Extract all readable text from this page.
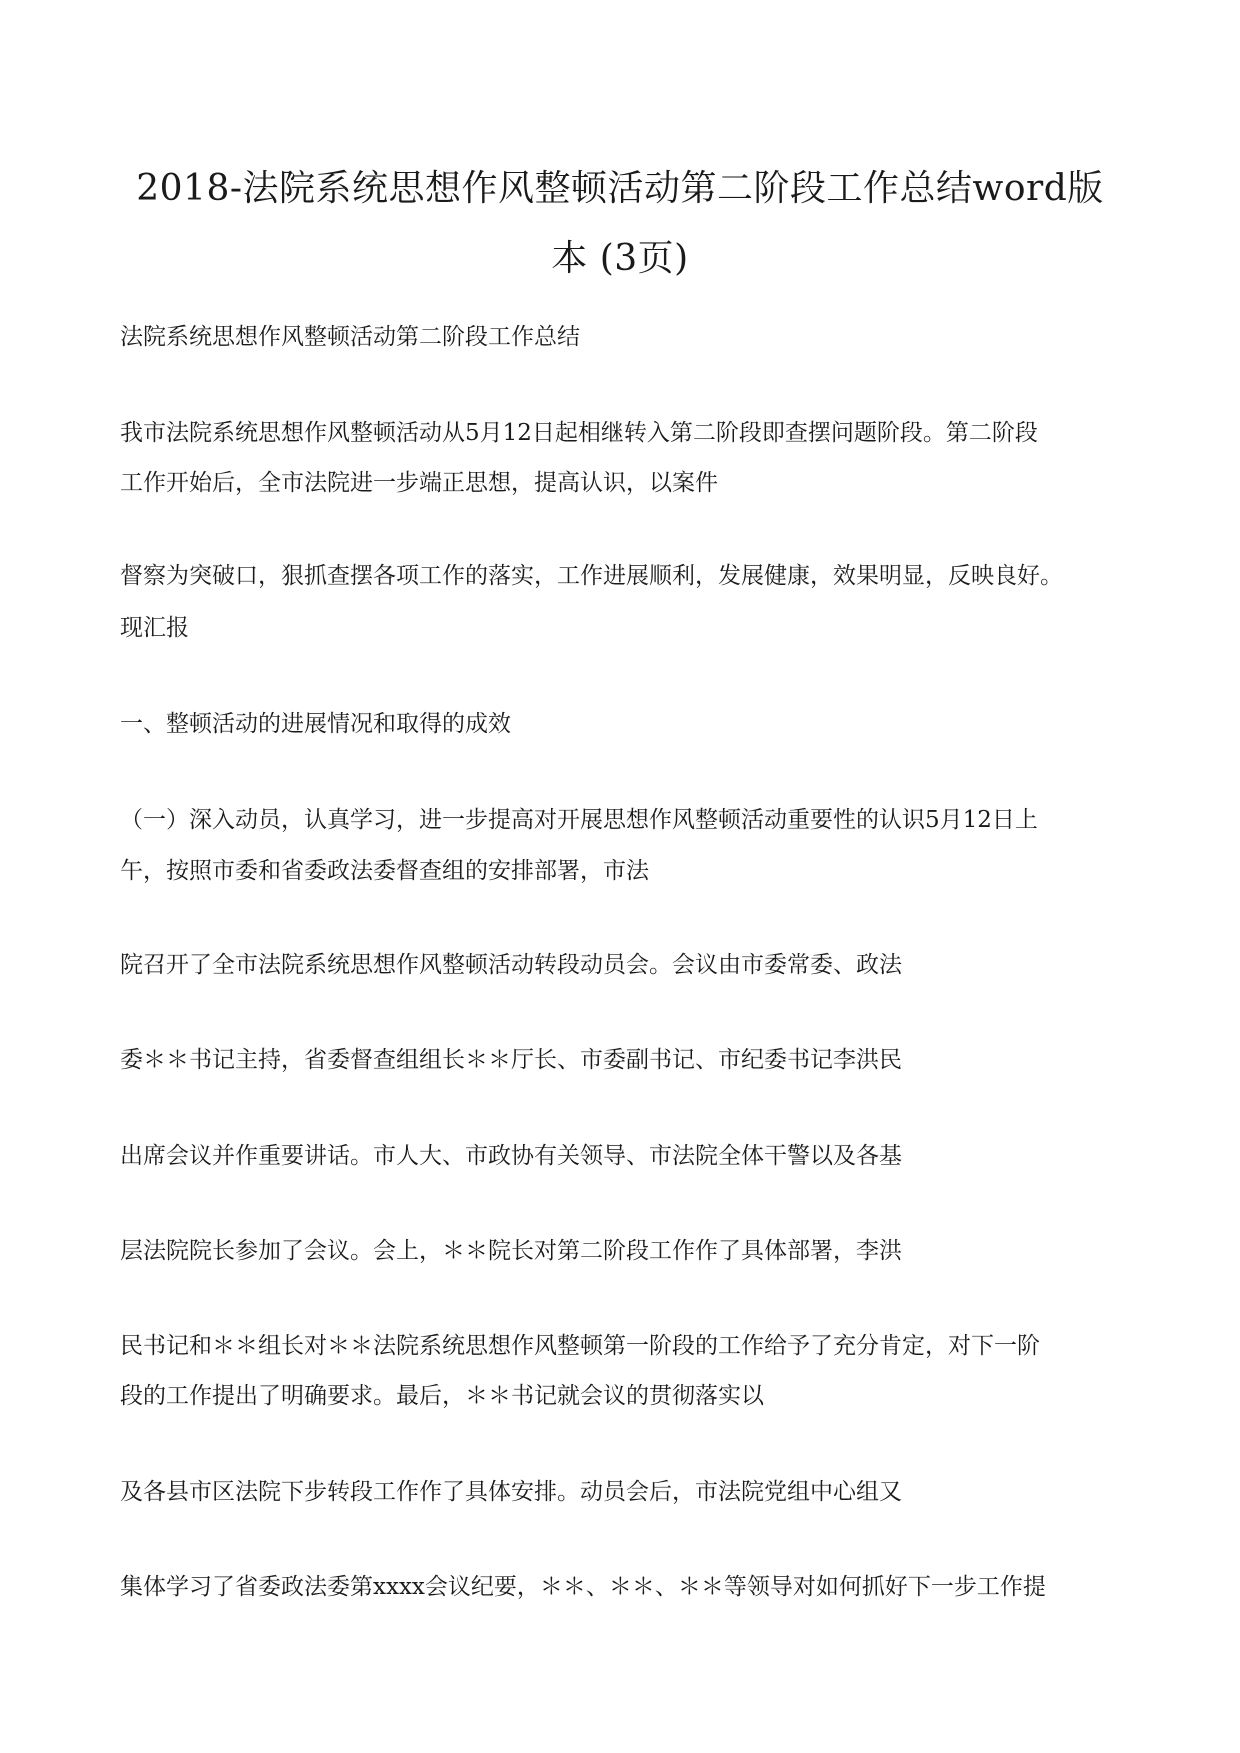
2018-法院系统思想作风整顿活动第二阶段工作总结word版
本 (3页)

法院系统思想作风整顿活动第二阶段工作总结

我市法院系统思想作风整顿活动从5月12日起相继转入第二阶段即查摆问题阶段。第二阶段

工作开始后，全市法院进一步端正思想，提高认识，以案件

督察为突破口，狠抓查摆各项工作的落实，工作进展顺利，发展健康，效果明显，反映良好。

现汇报

一、整顿活动的进展情况和取得的成效

（一）深入动员，认真学习，进一步提高对开展思想作风整顿活动重要性的认识5月12日上

午，按照市委和省委政法委督查组的安排部署，市法

院召开了全市法院系统思想作风整顿活动转段动员会。会议由市委常委、政法

委＊＊书记主持，省委督查组组长＊＊厅长、市委副书记、市纪委书记李洪民

出席会议并作重要讲话。市人大、市政协有关领导、市法院全体干警以及各基

层法院院长参加了会议。会上，＊＊院长对第二阶段工作作了具体部署，李洪

民书记和＊＊组长对＊＊法院系统思想作风整顿第一阶段的工作给予了充分肯定，对下一阶

段的工作提出了明确要求。最后，＊＊书记就会议的贯彻落实以

及各县市区法院下步转段工作作了具体安排。动员会后，市法院党组中心组又

集体学习了省委政法委第xxxx会议纪要，＊＊、＊＊、＊＊等领导对如何抓好下一步工作提
